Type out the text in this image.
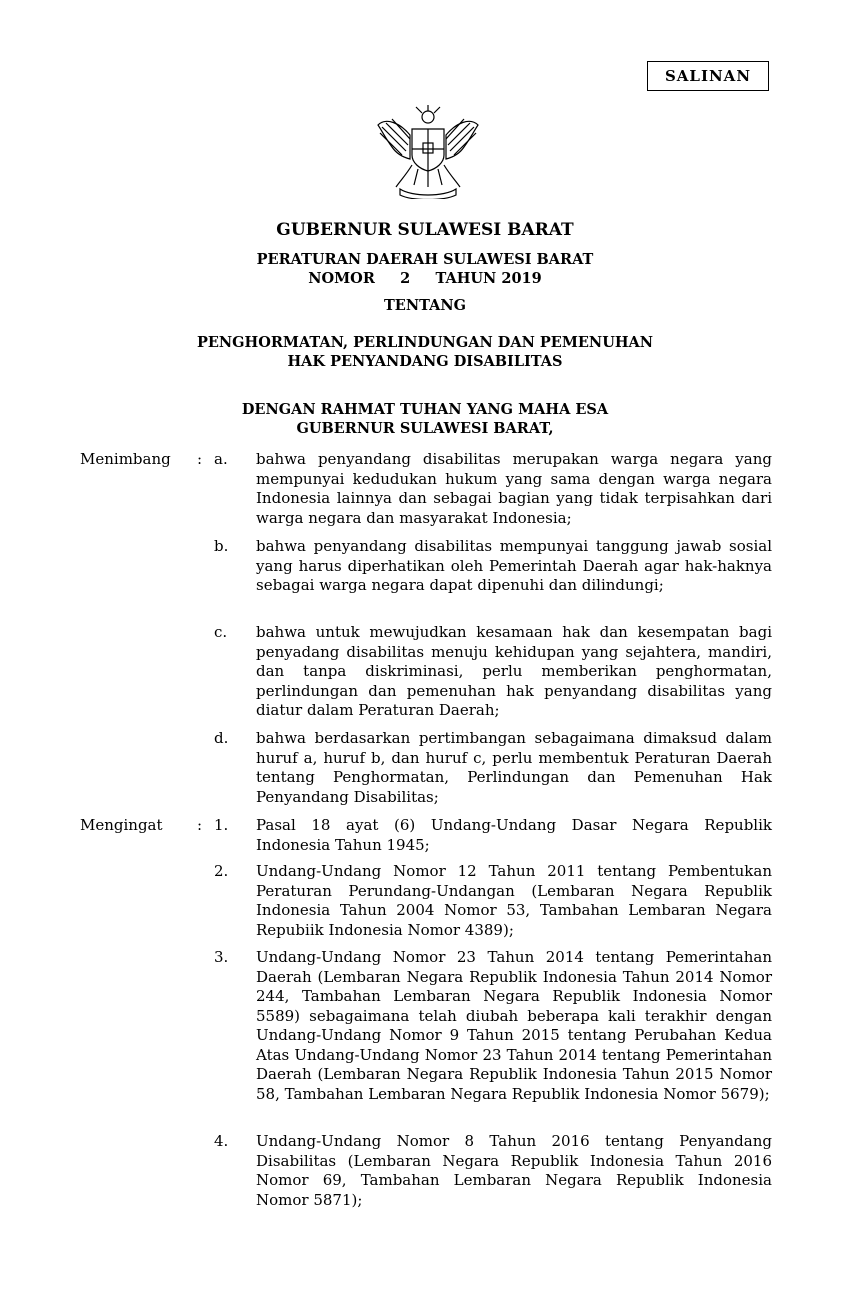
SALINAN
GUBERNUR SULAWESI BARAT
PERATURAN DAERAH SULAWESI BARAT
NOMOR 2 TAHUN 2019
TENTANG
PENGHORMATAN, PERLINDUNGAN DAN PEMENUHAN
HAK PENYANDANG DISABILITAS
DENGAN RAHMAT TUHAN YANG MAHA ESA
GUBERNUR SULAWESI BARAT,
Menimbang : a.	bahwa penyandang disabilitas merupakan warga negara yang mempunyai kedudukan hukum yang sama dengan warga negara Indonesia lainnya dan sebagai bagian yang tidak terpisahkan dari warga negara dan masyarakat Indonesia;
b.	bahwa penyandang disabilitas mempunyai tanggung jawab sosial yang harus diperhatikan oleh Pemerintah Daerah agar hak-haknya sebagai warga negara dapat dipenuhi dan dilindungi;
c.	bahwa untuk mewujudkan kesamaan hak dan kesempatan bagi penyadang disabilitas menuju kehidupan yang sejahtera, mandiri, dan tanpa diskriminasi, perlu memberikan penghormatan, perlindungan dan pemenuhan hak penyandang disabilitas yang diatur dalam Peraturan Daerah;
d.	bahwa berdasarkan pertimbangan sebagaimana dimaksud dalam huruf a, huruf b, dan huruf c, perlu membentuk Peraturan Daerah tentang Penghormatan, Perlindungan dan Pemenuhan Hak Penyandang Disabilitas;
Mengingat : 1.	Pasal 18 ayat (6) Undang-Undang Dasar Negara Republik Indonesia Tahun 1945;
2.	Undang-Undang Nomor 12 Tahun 2011 tentang Pembentukan Peraturan Perundang-Undangan (Lembaran Negara Republik Indonesia Tahun 2004 Nomor 53, Tambahan Lembaran Negara Repubiik Indonesia Nomor 4389);
3.	Undang-Undang Nomor 23 Tahun 2014 tentang Pemerintahan Daerah (Lembaran Negara Republik Indonesia Tahun 2014 Nomor 244, Tambahan Lembaran Negara Republik Indonesia Nomor 5589) sebagaimana telah diubah beberapa kali terakhir dengan Undang-Undang Nomor 9 Tahun 2015 tentang Perubahan Kedua Atas Undang-Undang Nomor 23 Tahun 2014 tentang Pemerintahan Daerah (Lembaran Negara Republik Indonesia Tahun 2015 Nomor 58, Tambahan Lembaran Negara Republik Indonesia Nomor 5679);
4.	Undang-Undang Nomor 8 Tahun 2016 tentang Penyandang Disabilitas (Lembaran Negara Republik Indonesia Tahun 2016 Nomor 69, Tambahan Lembaran Negara Republik Indonesia Nomor 5871);
